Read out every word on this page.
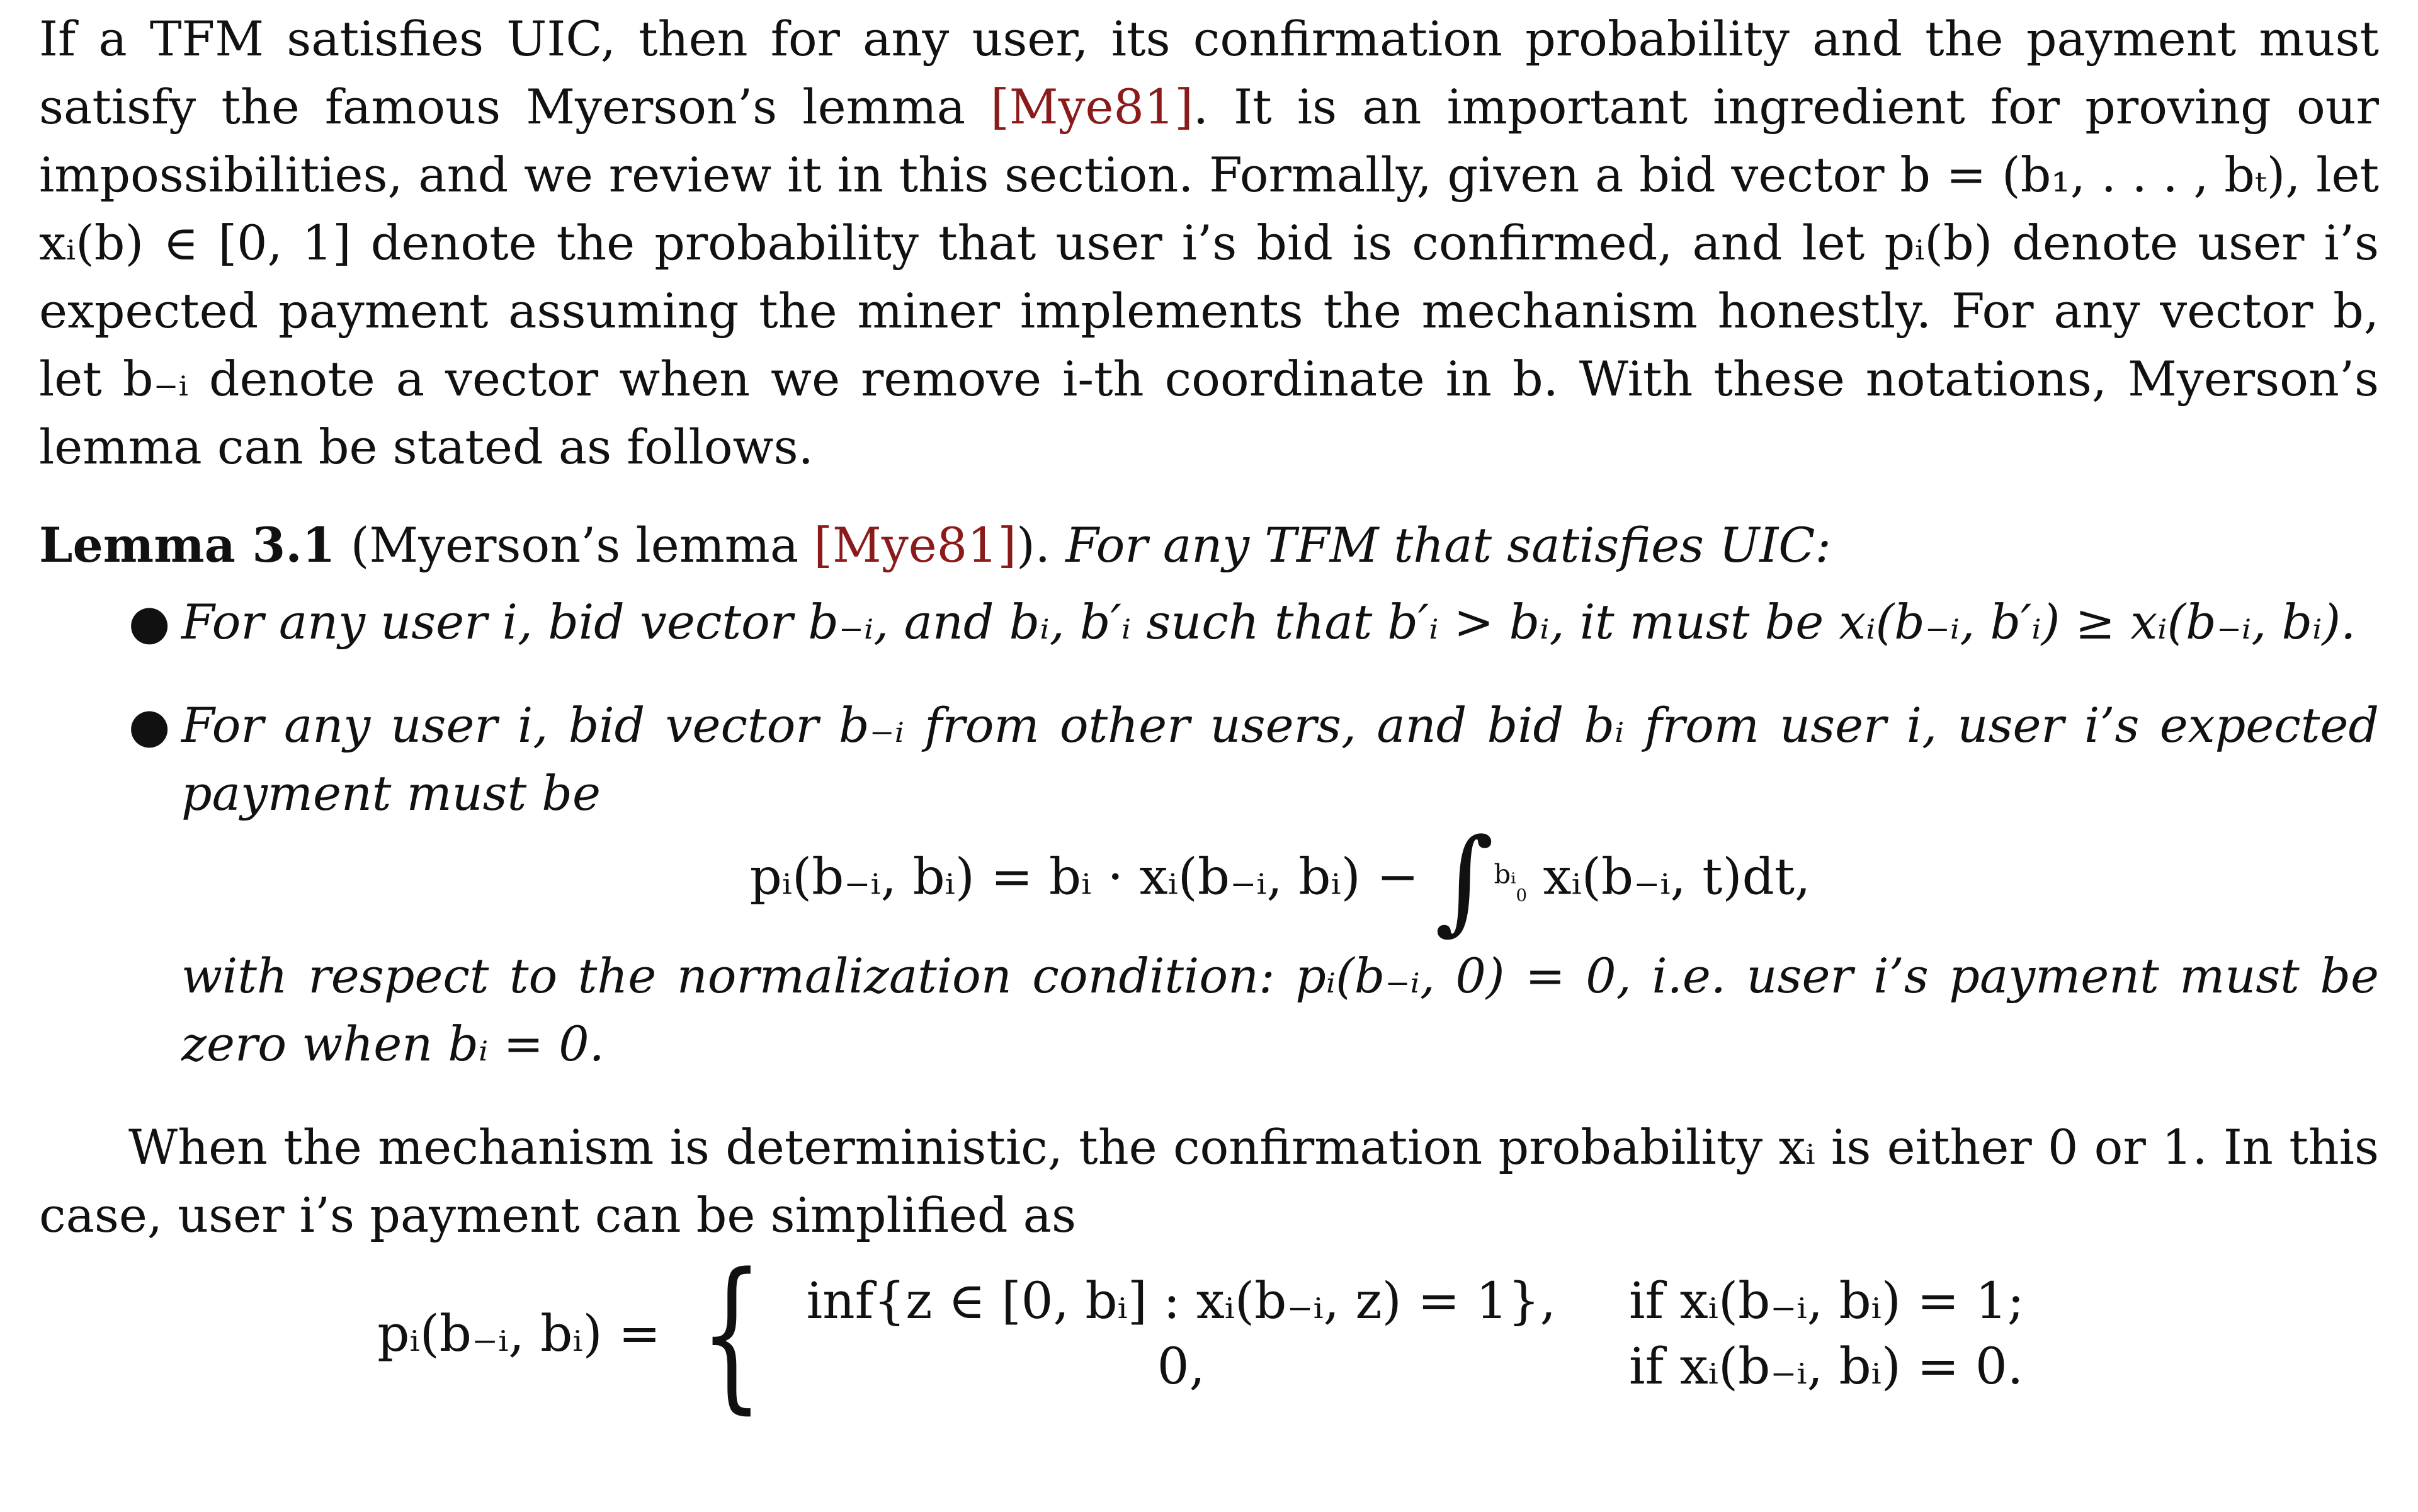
If a TFM satisfies UIC, then for any user, its confirmation probability and the payment must satisfy the famous Myerson’s lemma [Mye81]. It is an important ingredient for proving our impossibilities, and we review it in this section. Formally, given a bid vector b = (b₁, . . . , bₜ), let xᵢ(b) ∈ [0, 1] denote the probability that user i’s bid is confirmed, and let pᵢ(b) denote user i’s expected payment assuming the miner implements the mechanism honestly. For any vector b, let b₋ᵢ denote a vector when we remove i-th coordinate in b. With these notations, Myerson’s lemma can be stated as follows.

Lemma 3.1 (Myerson’s lemma [Mye81]). For any TFM that satisfies UIC:
● For any user i, bid vector b₋ᵢ, and bᵢ, b′ᵢ such that b′ᵢ > bᵢ, it must be xᵢ(b₋ᵢ, b′ᵢ) ≥ xᵢ(b₋ᵢ, bᵢ).
● For any user i, bid vector b₋ᵢ from other users, and bid bᵢ from user i, user i’s expected payment must be
pᵢ(b₋ᵢ, bᵢ) = bᵢ · xᵢ(b₋ᵢ, bᵢ) − ∫$^{bᵢ}_0$ xᵢ(b₋ᵢ, t)dt,
with respect to the normalization condition: pᵢ(b₋ᵢ, 0) = 0, i.e. user i’s payment must be zero when bᵢ = 0.

When the mechanism is deterministic, the confirmation probability xᵢ is either 0 or 1. In this case, user i’s payment can be simplified as

pᵢ(b₋ᵢ, bᵢ) = { inf{z ∈ [0, bᵢ] : xᵢ(b₋ᵢ, z) = 1},	if xᵢ(b₋ᵢ, bᵢ) = 1;
0,	if xᵢ(b₋ᵢ, bᵢ) = 0.
